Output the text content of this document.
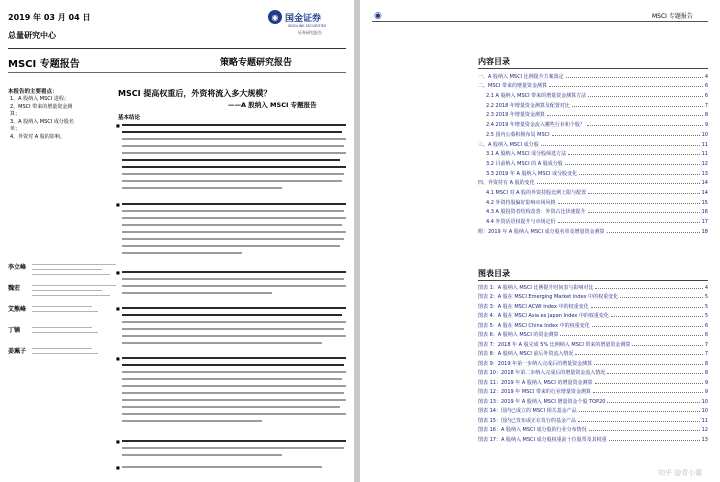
2019 年 03 月 04 日
总量研究中心
◉ 国金证券
SINOLINK SECURITIES
证券研究报告
MSCI 专题报告	策略专题研究报告
本报告的主要看点：
1、A 股纳入 MSCI 进程；
2、MSCI 带来的增量资金测
算；
3、A 股纳入 MSCI 成分股名
单；
4、外资对 A 股的影响。
MSCI 提高权重后，外资将流入多大规模？
——A 股纳入 MSCI 专题报告
基本结论
李立峰
魏宏
艾熊峰
丁镝
姜珮子
■
■
■
■
■
■
■
◉	MSCI 专题报告
内容目录
一、A 股纳入 MSCI 比例提升方案落定	4
二、MSCI 带来的增量资金测算	6
2.1 A 股纳入 MSCI 带来的增量资金测算方法	6
2.2 2018 年增量资金测算及配置对比	7
2.3 2019 年增量资金测算	8
2.4 2019 年增量资金流入哪些行业和个股？	9
2.5 国内公募积极布局 MSCI	10
三、A 股纳入 MSCI 成分股	11
3.1 A 股纳入 MSCI 成分股筛选方法	11
3.2 目前纳入 MSCI 的 A 股成分股	12
3.3 2019 年 A 股纳入 MSCI 成分股变化	13
四、外资持有 A 股的变化	14
4.1 MSCI 对 A 股的外资持股比例上限与配置	14
4.2 外资持股偏好影响市场风格	15
4.3 A 股投资者结构改善：外资占比快速提升	16
4.4 外资话语权提升与市场定价	17
附：2019 年 A 股纳入 MSCI 成分股名单及增量资金测算	18
图表目录
图表 1：A 股纳入 MSCI 比例提升时间表与影响对比	4
图表 2：A 股在 MSCI Emerging Market Index 中的权重变化	5
图表 3：A 股在 MSCI ACWI Index 中的权重变化	5
图表 4：A 股在 MSCI Asia ex Japan Index 中的权重变化	5
图表 5：A 股在 MSCI China Index 中的权重变化	6
图表 6：A 股纳入 MSCI 的资金测算	6
图表 7：2018 年 A 股完成 5% 比例纳入 MSCI 带来的增量资金测算	7
图表 8：A 股纳入 MSCI 前后外资流入情况	7
图表 9：2019 年第一步纳入完成后的增量资金测算	8
图表 10：2018 年第二步纳入完成后的增量资金流入情况	8
图表 11：2019 年 A 股纳入 MSCI 的增量资金测算	9
图表 12：2019 年 MSCI 带来的行业增量资金测算	9
图表 13：2019 年 A 股纳入 MSCI 增量资金个股 TOP20	10
图表 14：国内已成立的 MSCI 相关基金产品	10
图表 15：国内已发布或正在发行的基金产品	11
图表 16：A 股纳入 MSCI 成分股的行业分布情况	12
图表 17：A 股纳入 MSCI 成分股权重前十位股票及其权重	13
知乎 @青小董
